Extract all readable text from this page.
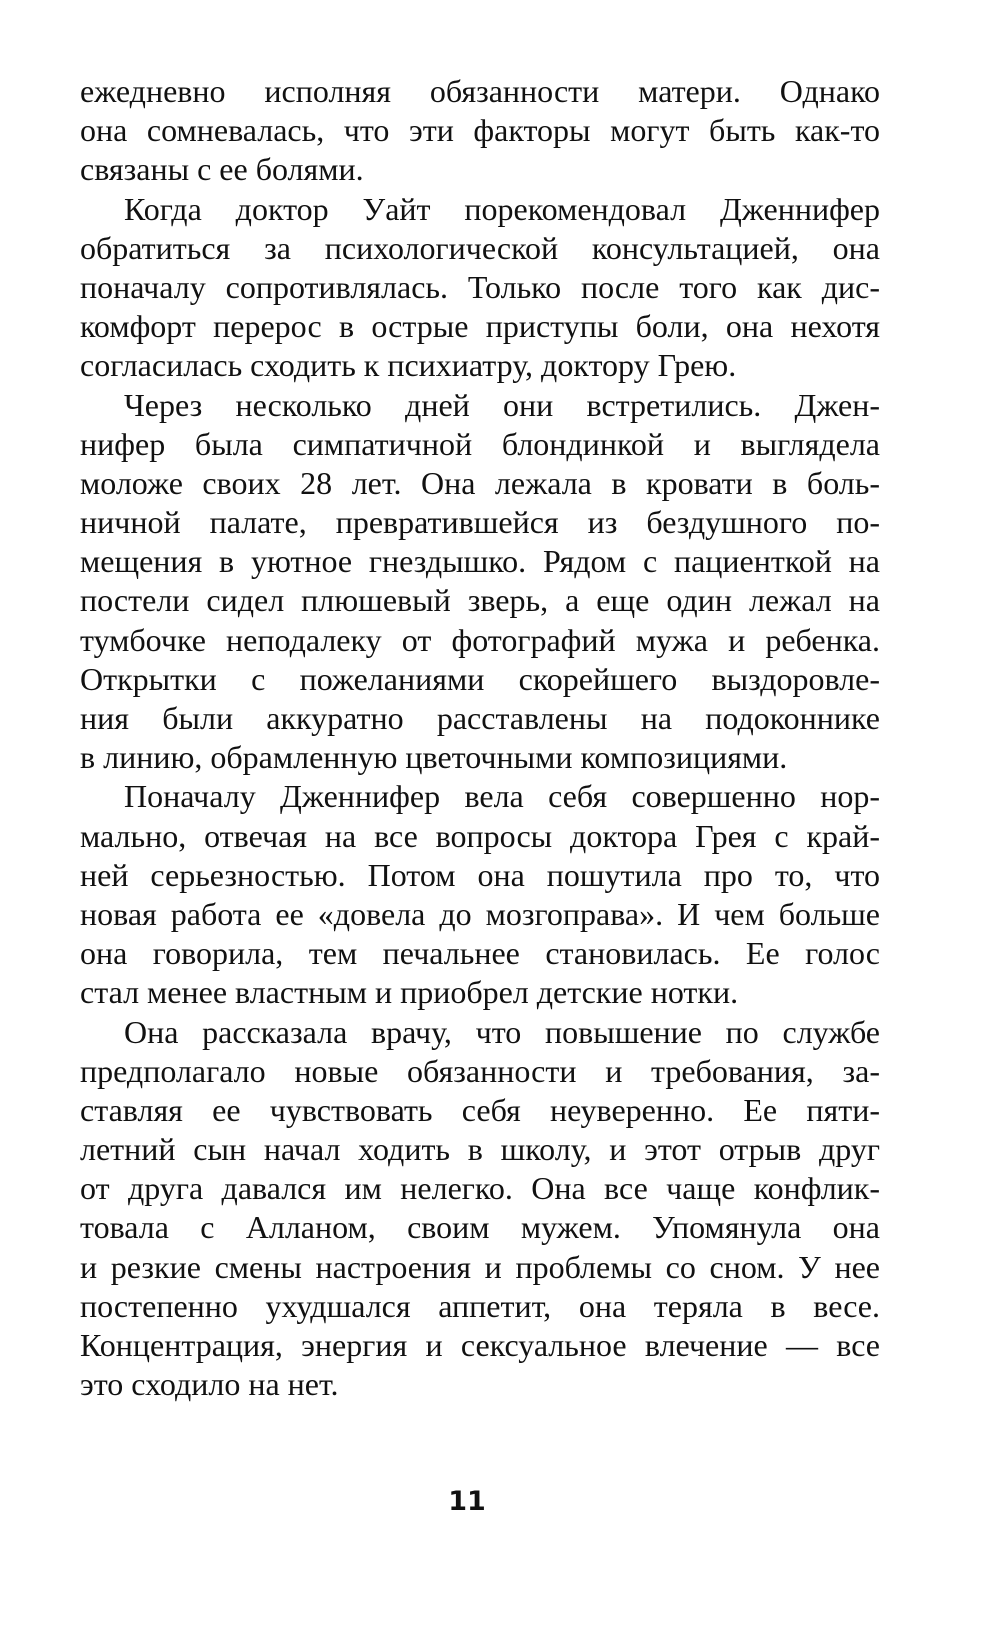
ежедневно исполняя обязанности матери. Однако
она сомневалась, что эти факторы могут быть как-то
связаны с ее болями.
Когда доктор Уайт порекомендовал Дженнифер
обратиться за психологической консультацией, она
поначалу сопротивлялась. Только после того как дис-
комфорт перерос в острые приступы боли, она нехотя
согласилась сходить к психиатру, доктору Грею.
Через несколько дней они встретились. Джен-
нифер была симпатичной блондинкой и выглядела
моложе своих 28 лет. Она лежала в кровати в боль-
ничной палате, превратившейся из бездушного по-
мещения в уютное гнездышко. Рядом с пациенткой на
постели сидел плюшевый зверь, а еще один лежал на
тумбочке неподалеку от фотографий мужа и ребенка.
Открытки с пожеланиями скорейшего выздоровле-
ния были аккуратно расставлены на подоконнике
в линию, обрамленную цветочными композициями.
Поначалу Дженнифер вела себя совершенно нор-
мально, отвечая на все вопросы доктора Грея с край-
ней серьезностью. Потом она пошутила про то, что
новая работа ее «довела до мозгоправа». И чем больше
она говорила, тем печальнее становилась. Ее голос
стал менее властным и приобрел детские нотки.
Она рассказала врачу, что повышение по службе
предполагало новые обязанности и требования, за-
ставляя ее чувствовать себя неуверенно. Ее пяти-
летний сын начал ходить в школу, и этот отрыв друг
от друга давался им нелегко. Она все чаще конфлик-
товала с Алланом, своим мужем. Упомянула она
и резкие смены настроения и проблемы со сном. У нее
постепенно ухудшался аппетит, она теряла в весе.
Концентрация, энергия и сексуальное влечение — все
это сходило на нет.
11
